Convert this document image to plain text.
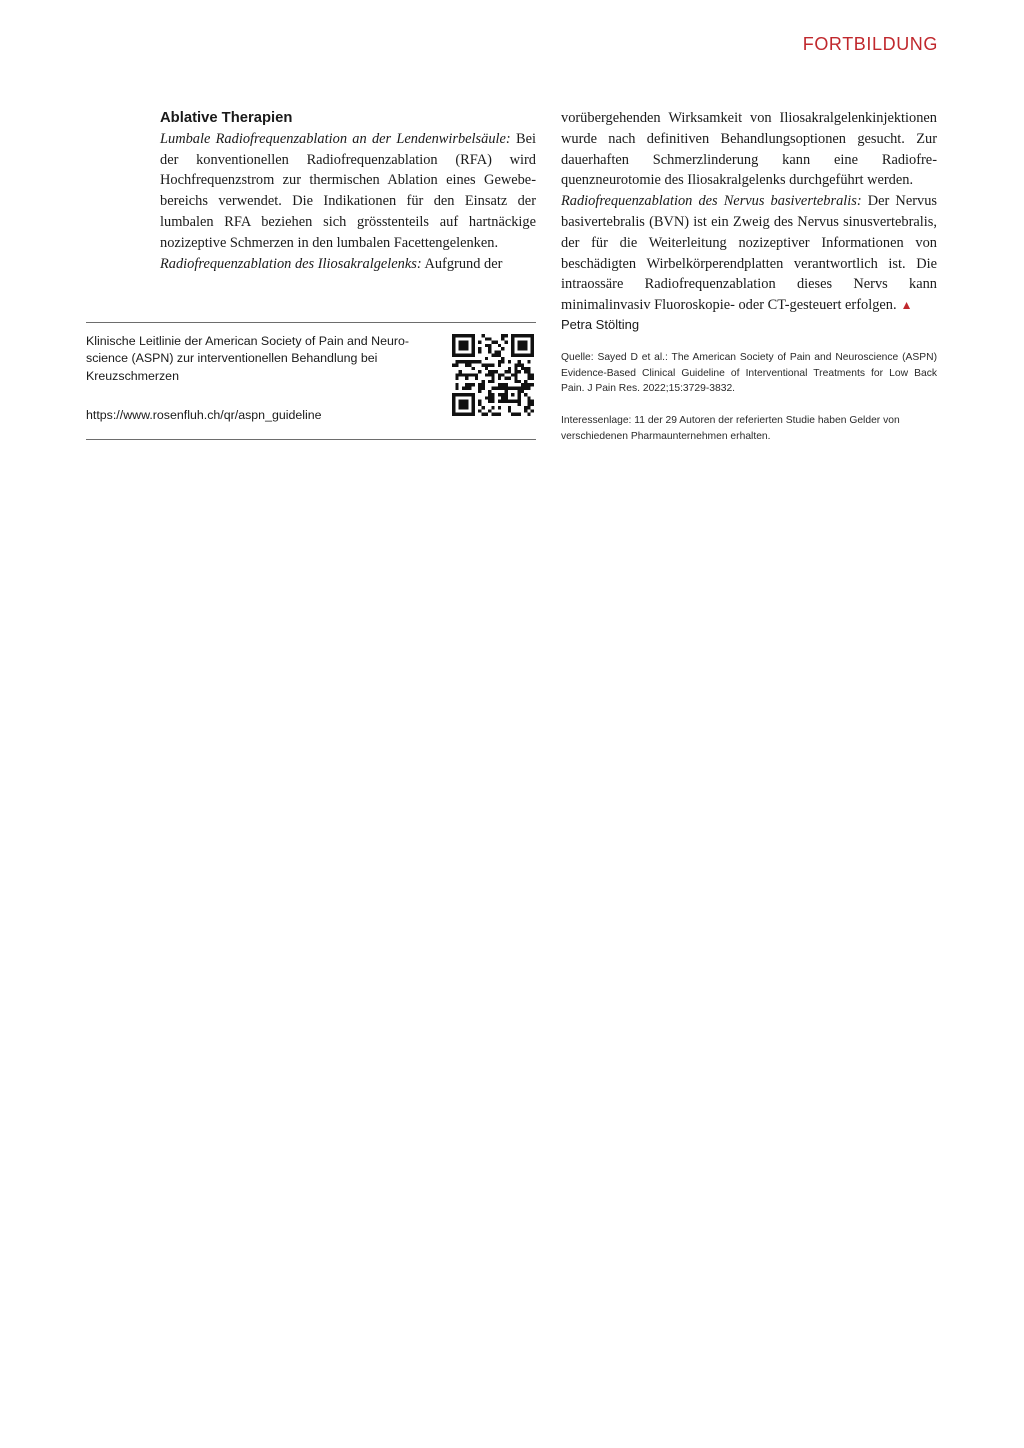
FORTBILDUNG

Ablative Therapien

Lumbale Radiofrequenzablation an der Lendenwirbelsäule: Bei der konventionellen Radiofrequenzablation (RFA) wird Hochfrequenzstrom zur thermischen Ablation eines Gewebebereichs verwendet. Die Indikationen für den Einsatz der lumbalen RFA beziehen sich grösstenteils auf hartnäckige nozizeptive Schmerzen in den lumbalen Facettengelenken.

Radiofrequenzablation des Iliosakralgelenks: Aufgrund der

vorübergehenden Wirksamkeit von Iliosakralgelenkinjektionen wurde nach definitiven Behandlungsoptionen gesucht. Zur dauerhaften Schmerzlinderung kann eine Radiofrequenzneurotomie des Iliosakralgelenks durchgeführt werden.

Radiofrequenzablation des Nervus basivertebralis: Der Nervus basivertebralis (BVN) ist ein Zweig des Nervus sinusvertebralis, der für die Weiterleitung nozizeptiver Informationen von beschädigten Wirbelkörperendplatten verantwortlich ist. Die intraossäre Radiofrequenzablation dieses Nervs kann minimalinvasiv Fluoroskopie- oder CT-gesteuert erfolgen. ▲

Klinische Leitlinie der American Society of Pain and Neuroscience (ASPN) zur interventionellen Behandlung bei Kreuzschmerzen
https://www.rosenfluh.ch/qr/aspn_guideline
Petra Stölting
Quelle: Sayed D et al.: The American Society of Pain and Neuroscience (ASPN) Evidence-Based Clinical Guideline of Interventional Treatments for Low Back Pain. J Pain Res. 2022;15:3729-3832.
Interessenlage: 11 der 29 Autoren der referierten Studie haben Gelder von verschiedenen Pharmaunternehmen erhalten.
